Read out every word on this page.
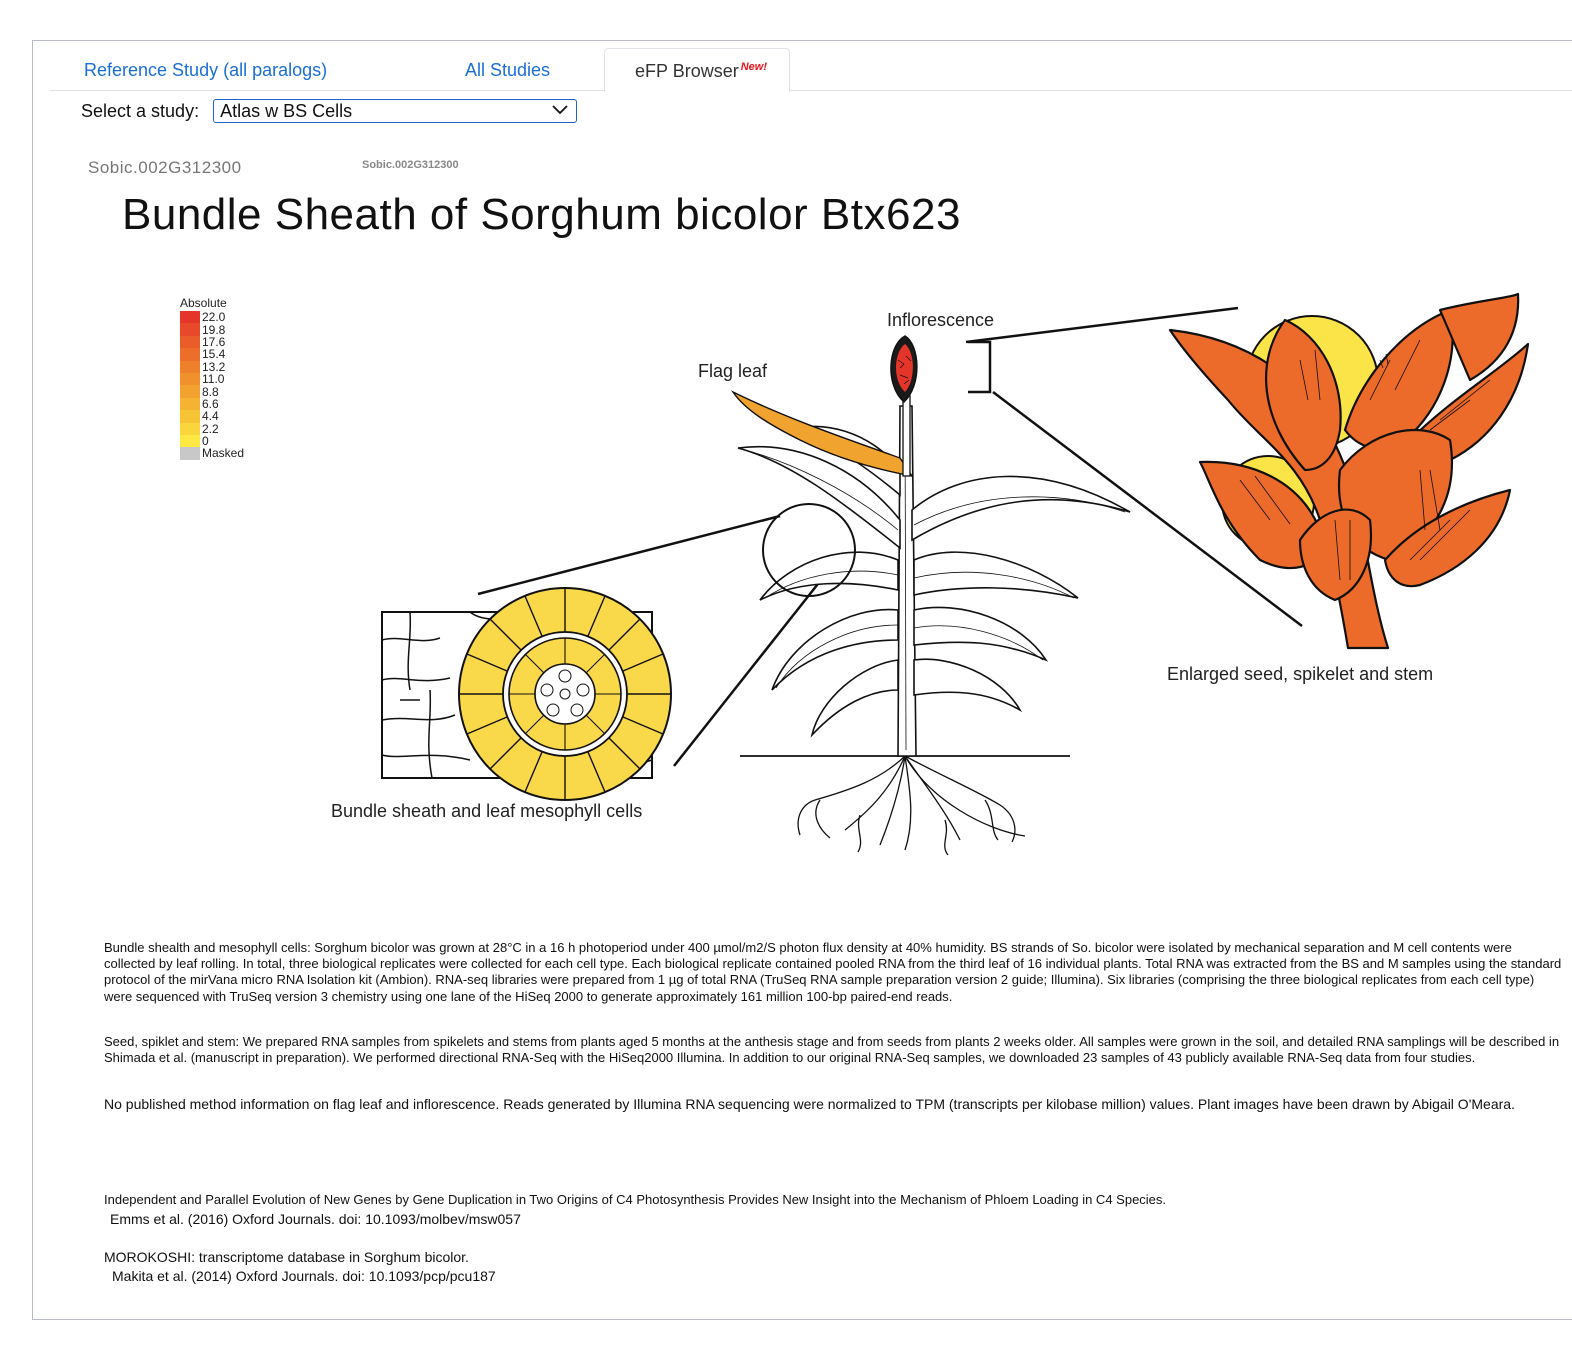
Reference Study (all paralogs)	All Studies	eFP Browser $^{New!}$
Select a study:	Atlas w BS Cells
Sobic.002G312300	Sobic.002G312300
Bundle Sheath of Sorghum bicolor Btx623
Absolute
22.0
19.8
17.6
15.4
13.2
11.0
8.8
6.6
4.4
2.2
0
Masked
Inflorescence
Flag leaf
Enlarged seed, spikelet and stem
Bundle sheath and leaf mesophyll cells
Bundle shealth and mesophyll cells: Sorghum bicolor was grown at 28°C in a 16 h photoperiod under 400 µmol/m2/S photon flux density at 40% humidity. BS strands of So. bicolor were isolated by mechanical separation and M cell contents were collected by leaf rolling. In total, three biological replicates were collected for each cell type. Each biological replicate contained pooled RNA from the third leaf of 16 individual plants. Total RNA was extracted from the BS and M samples using the standard protocol of the mirVana micro RNA Isolation kit (Ambion). RNA-seq libraries were prepared from 1 µg of total RNA (TruSeq RNA sample preparation version 2 guide; Illumina). Six libraries (comprising the three biological replicates from each cell type) were sequenced with TruSeq version 3 chemistry using one lane of the HiSeq 2000 to generate approximately 161 million 100-bp paired-end reads.
Seed, spiklet and stem: We prepared RNA samples from spikelets and stems from plants aged 5 months at the anthesis stage and from seeds from plants 2 weeks older. All samples were grown in the soil, and detailed RNA samplings will be described in Shimada et al. (manuscript in preparation). We performed directional RNA-Seq with the HiSeq2000 Illumina. In addition to our original RNA-Seq samples, we downloaded 23 samples of 43 publicly available RNA-Seq data from four studies.
No published method information on flag leaf and inflorescence. Reads generated by Illumina RNA sequencing were normalized to TPM (transcripts per kilobase million) values. Plant images have been drawn by Abigail O'Meara.
Independent and Parallel Evolution of New Genes by Gene Duplication in Two Origins of C4 Photosynthesis Provides New Insight into the Mechanism of Phloem Loading in C4 Species.
Emms et al. (2016) Oxford Journals. doi: 10.1093/molbev/msw057
MOROKOSHI: transcriptome database in Sorghum bicolor.
Makita et al. (2014) Oxford Journals. doi: 10.1093/pcp/pcu187
